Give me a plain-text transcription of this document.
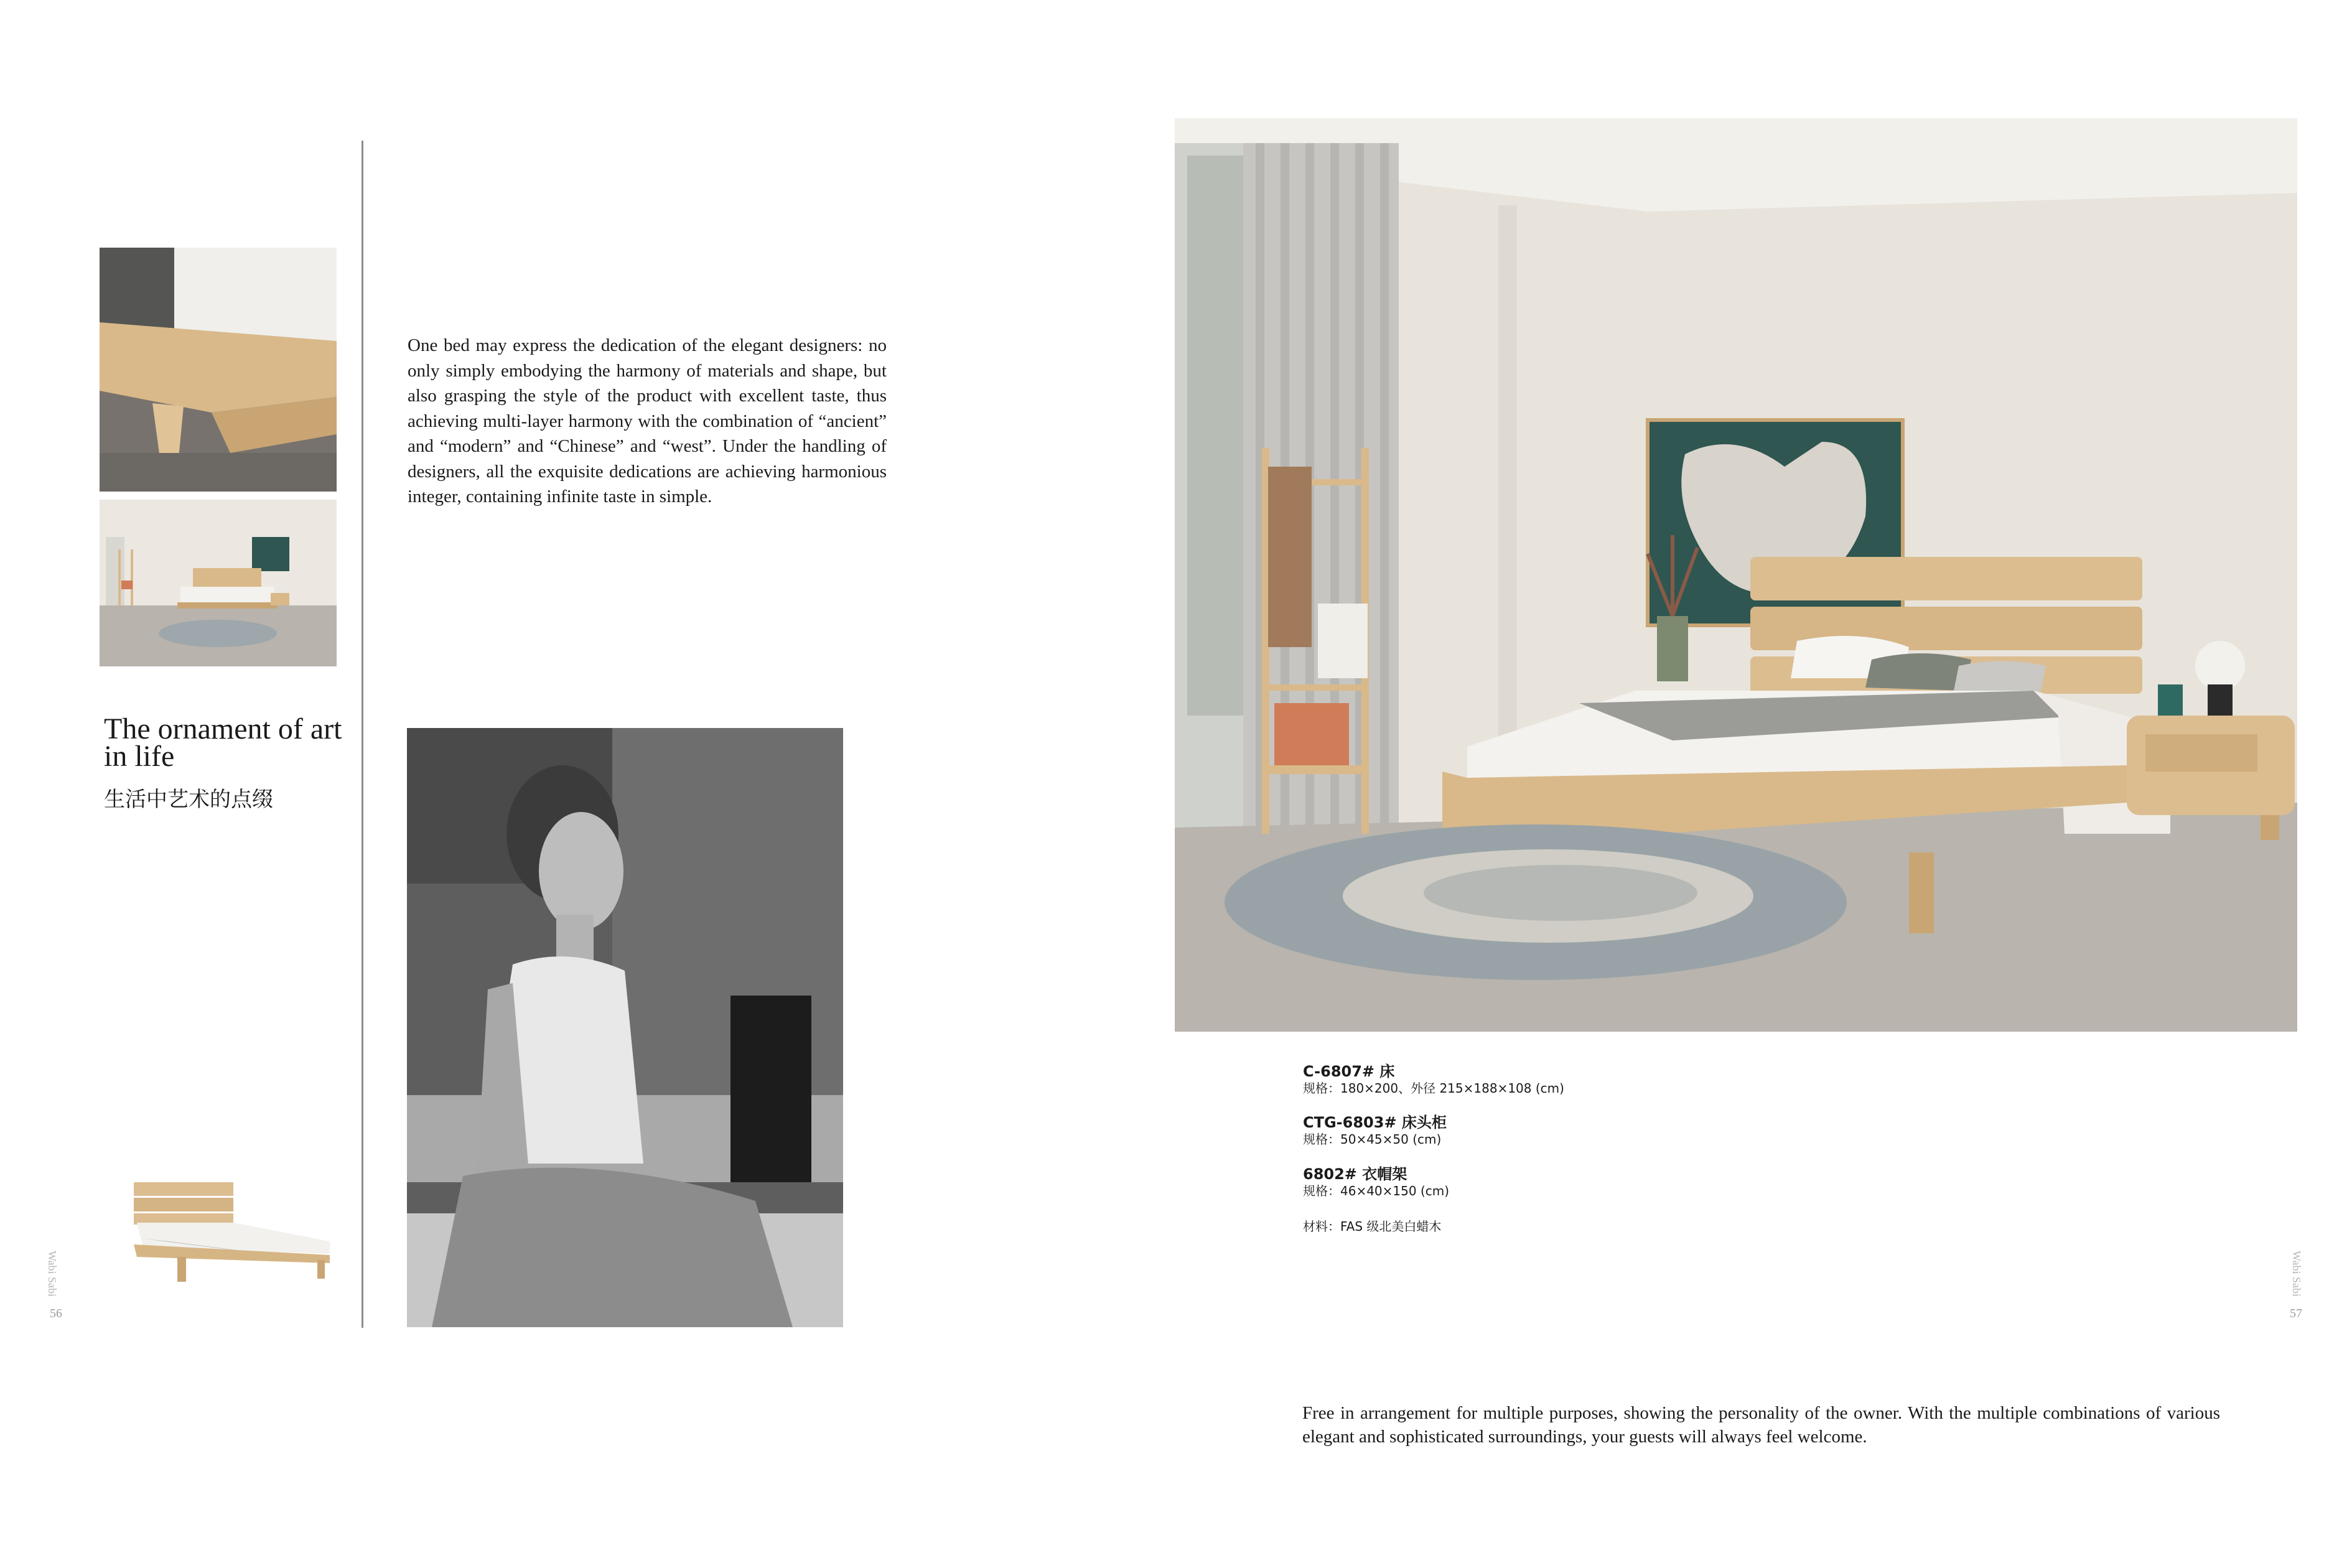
The ornament of art in life
生活中艺术的点缀

One bed may express the dedication of the elegant designers: no only simply embodying the harmony of materials and shape, but also grasping the style of the product with excellent taste, thus achieving multi-layer harmony with the combination of “ancient” and “modern” and “Chinese” and “west”. Under the handling of designers, all the exquisite dedications are achieving harmonious integer, containing infinite taste in simple.

Wabi Sabi
56
C-6807# 床
规格：180×200、外径 215×188×108 (cm)
CTG-6803# 床头柜
规格：50×45×50 (cm)
6802# 衣帽架
规格：46×40×150 (cm)
材料：FAS 级北美白蜡木

Free in arrangement for multiple purposes, showing the personality of the owner. With the multiple combinations of various elegant and sophisticated surroundings, your guests will always feel welcome.

Wabi Sabi
57
